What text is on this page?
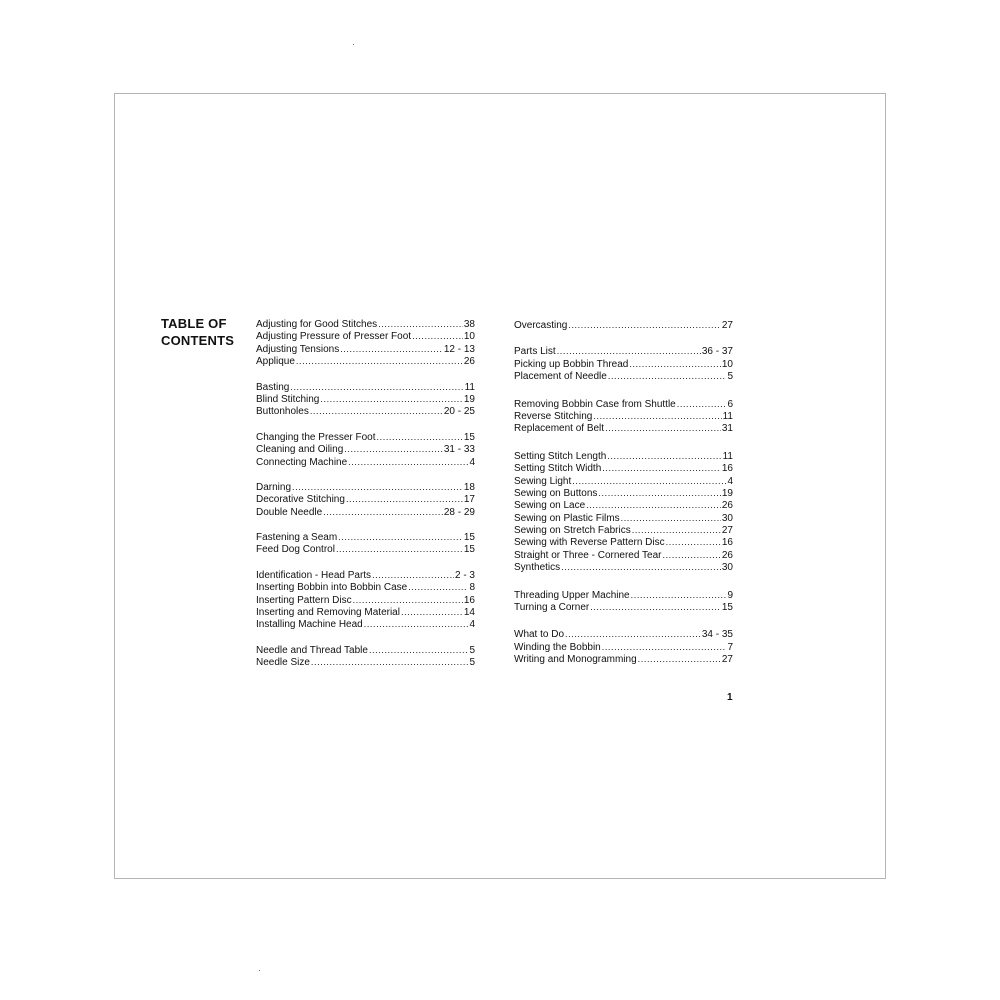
TABLE OF
CONTENTS
Adjusting for Good Stitches .....	38
Adjusting Pressure of Presser Foot .....	10
Adjusting Tensions .....	12 - 13
Applique .....	26
Basting .....	11
Blind Stitching .....	19
Buttonholes .....	20 - 25
Changing the Presser Foot .....	15
Cleaning and Oiling .....	31 - 33
Connecting Machine .....	4
Darning .....	18
Decorative Stitching .....	17
Double Needle .....	28 - 29
Fastening a Seam .....	15
Feed Dog Control .....	15
Identification - Head Parts .....	2 - 3
Inserting Bobbin into Bobbin Case .....	8
Inserting Pattern Disc .....	16
Inserting and Removing Material .....	14
Installing Machine Head .....	4
Needle and Thread Table .....	5
Needle Size .....	5
Overcasting .....	27
Parts List .....	36 - 37
Picking up Bobbin Thread .....	10
Placement of Needle .....	5
Removing Bobbin Case from Shuttle .....	6
Reverse Stitching .....	11
Replacement of Belt .....	31
Setting Stitch Length .....	11
Setting Stitch Width .....	16
Sewing Light .....	4
Sewing on Buttons .....	19
Sewing on Lace .....	26
Sewing on Plastic Films .....	30
Sewing on Stretch Fabrics .....	27
Sewing with Reverse Pattern Disc .....	16
Straight or Three - Cornered Tear .....	26
Synthetics .....	30
Threading Upper Machine .....	9
Turning a Corner .....	15
What to Do .....	34 - 35
Winding the Bobbin .....	7
Writing and Monogramming .....	27
1
